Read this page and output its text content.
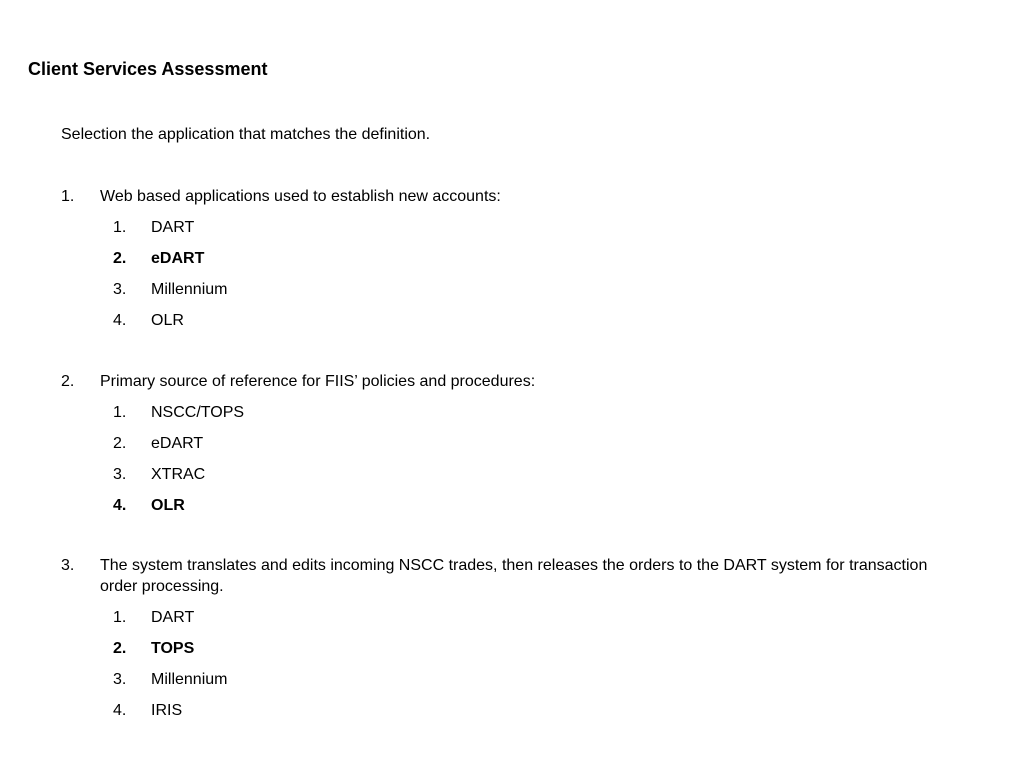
Client Services Assessment

Selection the application that matches the definition.

1.	Web based applications used to establish new accounts:
1.	DART
2.	eDART
3.	Millennium
4.	OLR
2.	Primary source of reference for FIIS’ policies and procedures:
1.	NSCC/TOPS
2.	eDART
3.	XTRAC
4.	OLR
3.	The system translates and edits incoming NSCC trades, then releases the orders to the DART system for transaction order processing.
1.	DART
2.	TOPS
3.	Millennium
4.	IRIS
